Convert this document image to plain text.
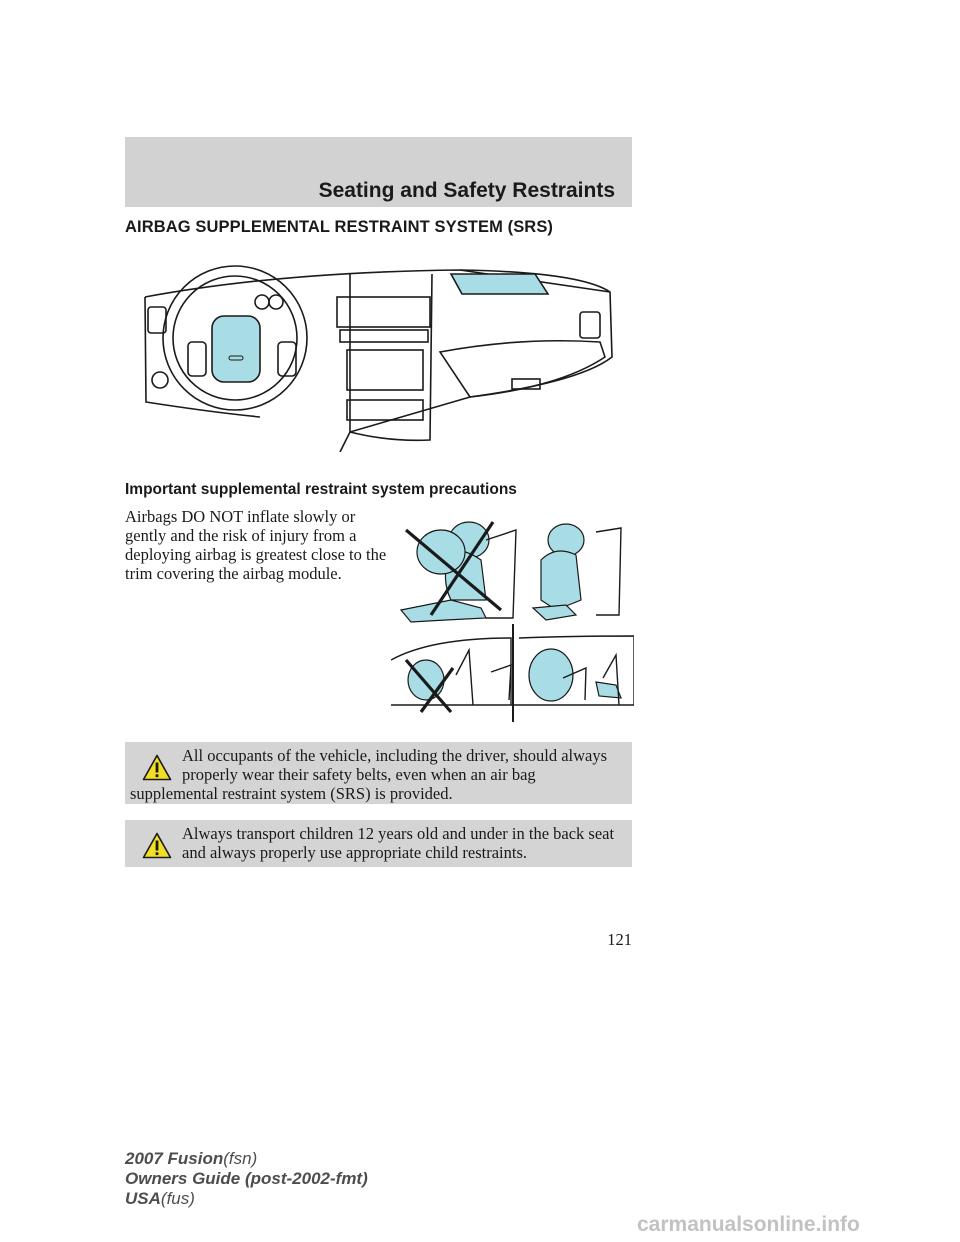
Seating and Safety Restraints
AIRBAG SUPPLEMENTAL RESTRAINT SYSTEM (SRS)
Important supplemental restraint system precautions

Airbags DO NOT inflate slowly or gently and the risk of injury from a deploying airbag is greatest close to the trim covering the airbag module.

All occupants of the vehicle, including the driver, should always properly wear their safety belts, even when an air bag supplemental restraint system (SRS) is provided.

Always transport children 12 years old and under in the back seat and always properly use appropriate child restraints.

121

2007 Fusion(fsn)
Owners Guide (post-2002-fmt)
USA(fus)

carmanualsonline.info
